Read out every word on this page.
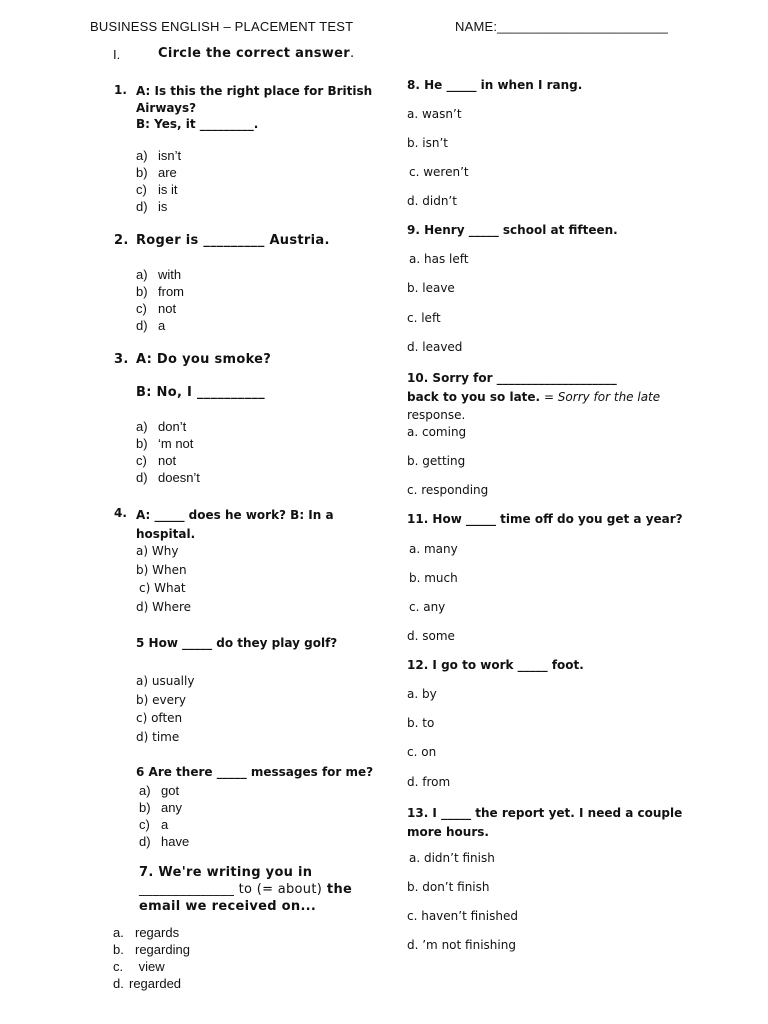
BUSINESS ENGLISH – PLACEMENT TEST	NAME:_______________________
I.	Circle the correct answer.
1. A: Is this the right place for British
Airways?
B: Yes, it _________.
a) isn’t
b) are
c) is it
d) is
2. Roger is _________ Austria.
a) with
b) from
c) not
d) a
3. A: Do you smoke?
B: No, I __________
a) don’t
b) ‘m not
c) not
d) doesn’t
4. A: _____ does he work? B: In a
hospital.
a) Why
b) When
c) What
d) Where
5 How _____ do they play golf?
a) usually
b) every
c) often
d) time
6 Are there _____ messages for me?
a) got
b) any
c) a
d) have
7. We're writing you in
______________ to (= about) the
email we received on...
a. regards
b. regarding
c. view
d. regarded
8. He _____ in when I rang.
a. wasn’t
b. isn’t
c. weren’t
d. didn’t
9. Henry _____ school at fifteen.
a. has left
b. leave
c. left
d. leaved
10. Sorry for ____________________
back to you so late. = Sorry for the late
response.
a. coming
b. getting
c. responding
11. How _____ time off do you get a year?
a. many
b. much
c. any
d. some
12. I go to work _____ foot.
a. by
b. to
c. on
d. from
13. I _____ the report yet. I need a couple
more hours.
a. didn’t finish
b. don’t finish
c. haven’t finished
d. ’m not finishing
